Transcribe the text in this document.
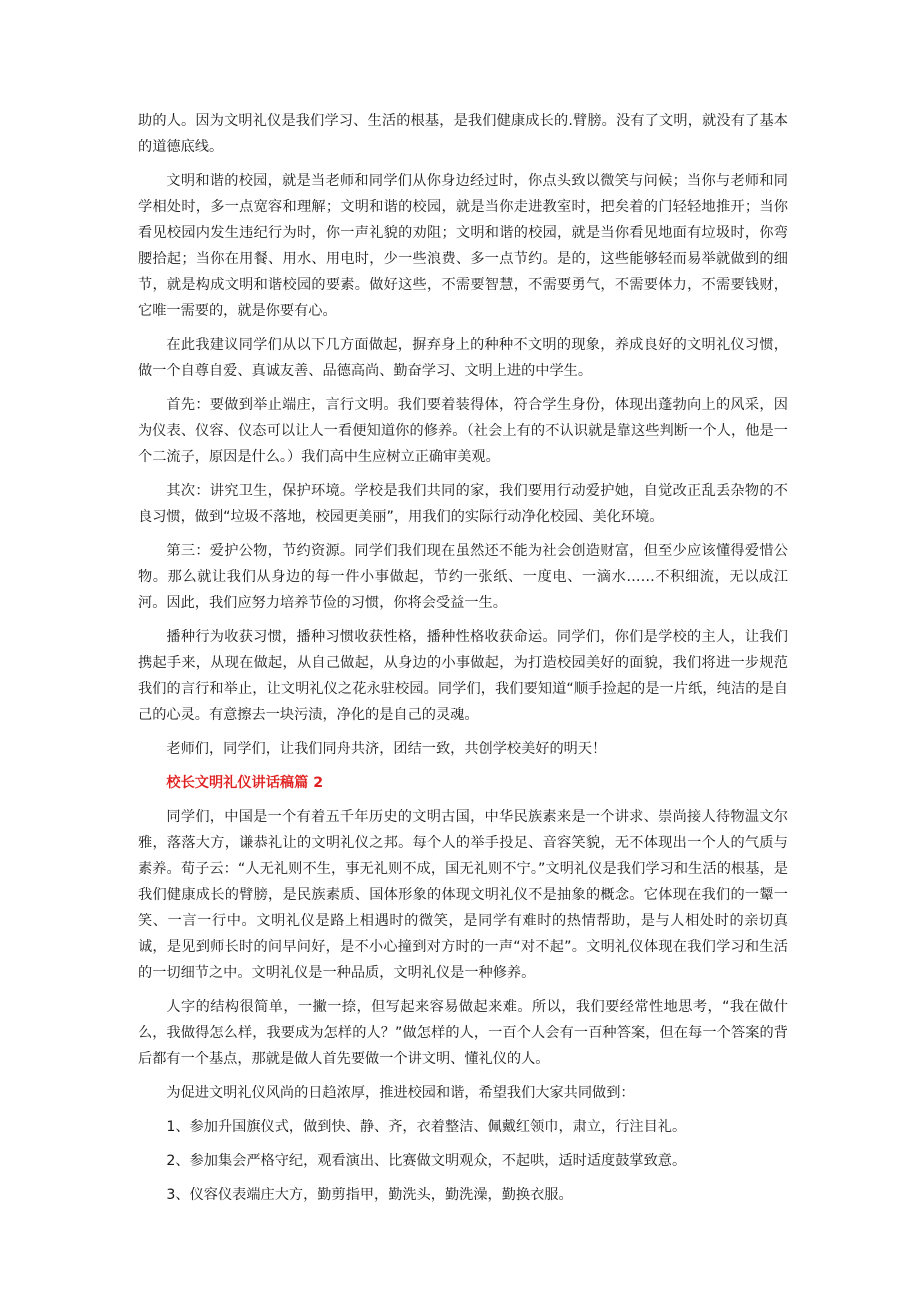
助的人。因为文明礼仪是我们学习、生活的根基，是我们健康成长的.臂膀。没有了文明，就没有了基本的道德底线。

文明和谐的校园，就是当老师和同学们从你身边经过时，你点头致以微笑与问候；当你与老师和同学相处时，多一点宽容和理解；文明和谐的校园，就是当你走进教室时，把矣着的门轻轻地推开；当你看见校园内发生违纪行为时，你一声礼貌的劝阻；文明和谐的校园，就是当你看见地面有垃圾时，你弯腰拾起；当你在用餐、用水、用电时，少一些浪费、多一点节约。是的，这些能够轻而易举就做到的细节，就是构成文明和谐校园的要素。做好这些，不需要智慧，不需要勇气，不需要体力，不需要钱财，它唯一需要的，就是你要有心。

在此我建议同学们从以下几方面做起，摒弃身上的种种不文明的现象，养成良好的文明礼仪习惯，做一个自尊自爱、真诚友善、品德高尚、勤奋学习、文明上进的中学生。

首先：要做到举止端庄，言行文明。我们要着装得体，符合学生身份，体现出蓬勃向上的风采，因为仪表、仪容、仪态可以让人一看便知道你的修养。（社会上有的不认识就是靠这些判断一个人，他是一个二流子，原因是什么。）我们高中生应树立正确审美观。

其次：讲究卫生，保护环境。学校是我们共同的家，我们要用行动爱护她，自觉改正乱丢杂物的不良习惯，做到“垃圾不落地，校园更美丽”，用我们的实际行动净化校园、美化环境。

第三：爱护公物，节约资源。同学们我们现在虽然还不能为社会创造财富，但至少应该懂得爱惜公物。那么就让我们从身边的每一件小事做起，节约一张纸、一度电、一滴水……不积细流，无以成江河。因此，我们应努力培养节俭的习惯，你将会受益一生。

播种行为收获习惯，播种习惯收获性格，播种性格收获命运。同学们，你们是学校的主人，让我们携起手来，从现在做起，从自己做起，从身边的小事做起，为打造校园美好的面貌，我们将进一步规范我们的言行和举止，让文明礼仪之花永驻校园。同学们，我们要知道“顺手捡起的是一片纸，纯洁的是自己的心灵。有意擦去一块污渍，净化的是自己的灵魂。

老师们，同学们，让我们同舟共济，团结一致，共创学校美好的明天！

校长文明礼仪讲话稿篇 2

同学们，中国是一个有着五千年历史的文明古国，中华民族素来是一个讲求、崇尚接人待物温文尔雅，落落大方，谦恭礼让的文明礼仪之邦。每个人的举手投足、音容笑貌，无不体现出一个人的气质与素养。荀子云：“人无礼则不生，事无礼则不成，国无礼则不宁。”文明礼仪是我们学习和生活的根基，是我们健康成长的臂膀，是民族素质、国体形象的体现文明礼仪不是抽象的概念。它体现在我们的一颦一笑、一言一行中。文明礼仪是路上相遇时的微笑，是同学有难时的热情帮助，是与人相处时的亲切真诚，是见到师长时的问早问好，是不小心撞到对方时的一声“对不起”。文明礼仪体现在我们学习和生活的一切细节之中。文明礼仪是一种品质，文明礼仪是一种修养。

人字的结构很简单，一撇一捺，但写起来容易做起来难。所以，我们要经常性地思考，“我在做什么，我做得怎么样，我要成为怎样的人？”做怎样的人，一百个人会有一百种答案，但在每一个答案的背后都有一个基点，那就是做人首先要做一个讲文明、懂礼仪的人。

为促进文明礼仪风尚的日趋浓厚，推进校园和谐，希望我们大家共同做到：

1、参加升国旗仪式，做到快、静、齐，衣着整洁、佩戴红领巾，肃立，行注目礼。

2、参加集会严格守纪，观看演出、比赛做文明观众，不起哄，适时适度鼓掌致意。

3、仪容仪表端庄大方，勤剪指甲，勤洗头，勤洗澡，勤换衣服。
